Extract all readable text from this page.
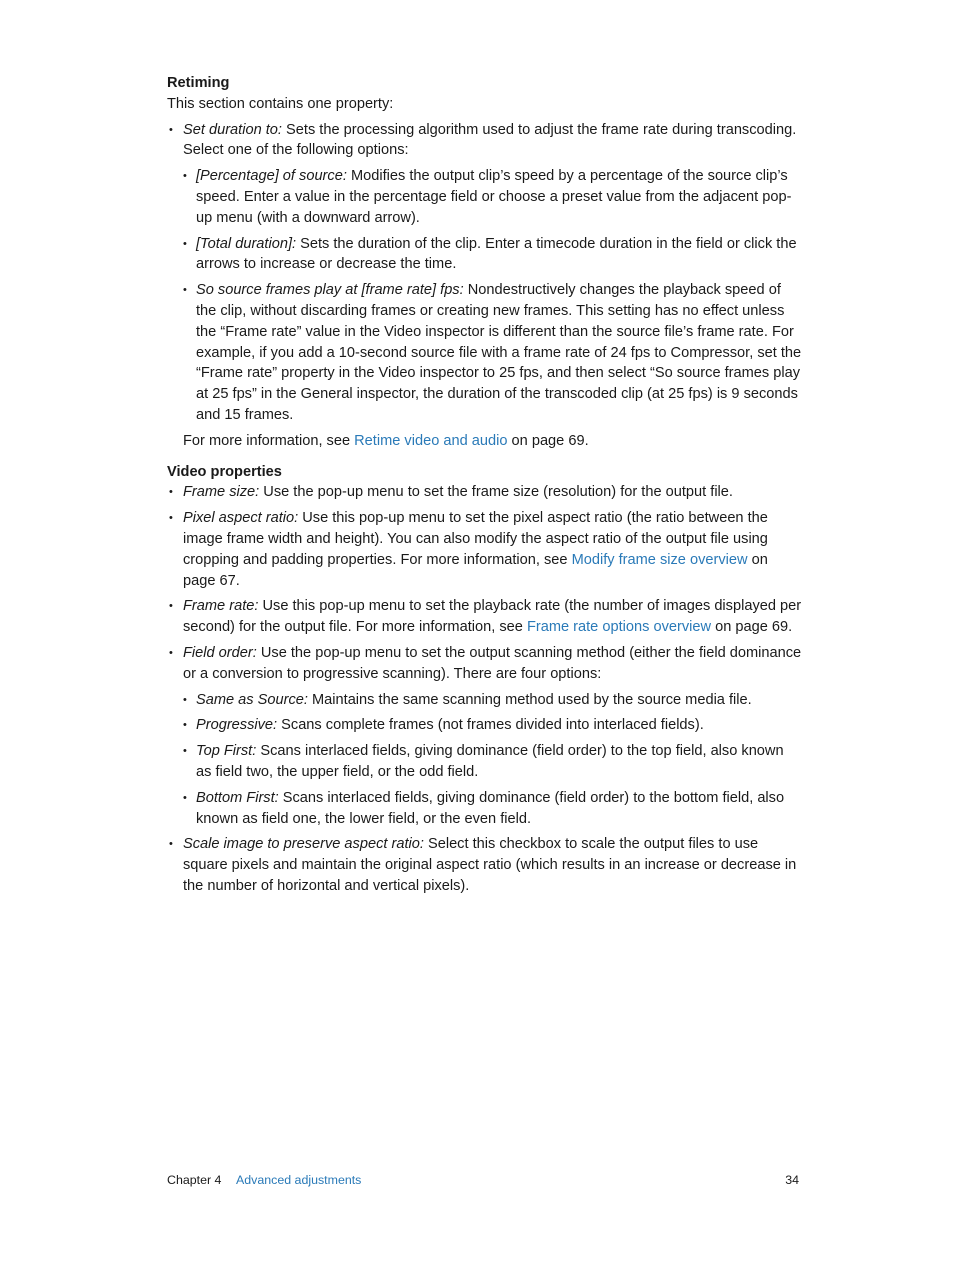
Retiming

This section contains one property:

• Set duration to: Sets the processing algorithm used to adjust the frame rate during transcoding. Select one of the following options:
• [Percentage] of source: Modifies the output clip’s speed by a percentage of the source clip’s speed. Enter a value in the percentage field or choose a preset value from the adjacent pop-up menu (with a downward arrow).
• [Total duration]: Sets the duration of the clip. Enter a timecode duration in the field or click the arrows to increase or decrease the time.
• So source frames play at [frame rate] fps: Nondestructively changes the playback speed of the clip, without discarding frames or creating new frames. This setting has no effect unless the “Frame rate” value in the Video inspector is different than the source file’s frame rate. For example, if you add a 10-second source file with a frame rate of 24 fps to Compressor, set the “Frame rate” property in the Video inspector to 25 fps, and then select “So source frames play at 25 fps” in the General inspector, the duration of the transcoded clip (at 25 fps) is 9 seconds and 15 frames.

For more information, see Retime video and audio on page 69.

Video properties

• Frame size: Use the pop-up menu to set the frame size (resolution) for the output file.
• Pixel aspect ratio: Use this pop-up menu to set the pixel aspect ratio (the ratio between the image frame width and height). You can also modify the aspect ratio of the output file using cropping and padding properties. For more information, see Modify frame size overview on page 67.
• Frame rate: Use this pop-up menu to set the playback rate (the number of images displayed per second) for the output file. For more information, see Frame rate options overview on page 69.
• Field order: Use the pop-up menu to set the output scanning method (either the field dominance or a conversion to progressive scanning). There are four options:
• Same as Source: Maintains the same scanning method used by the source media file.
• Progressive: Scans complete frames (not frames divided into interlaced fields).
• Top First: Scans interlaced fields, giving dominance (field order) to the top field, also known as field two, the upper field, or the odd field.
• Bottom First: Scans interlaced fields, giving dominance (field order) to the bottom field, also known as field one, the lower field, or the even field.
• Scale image to preserve aspect ratio: Select this checkbox to scale the output files to use square pixels and maintain the original aspect ratio (which results in an increase or decrease in the number of horizontal and vertical pixels).
Chapter 4 Advanced adjustments	34
